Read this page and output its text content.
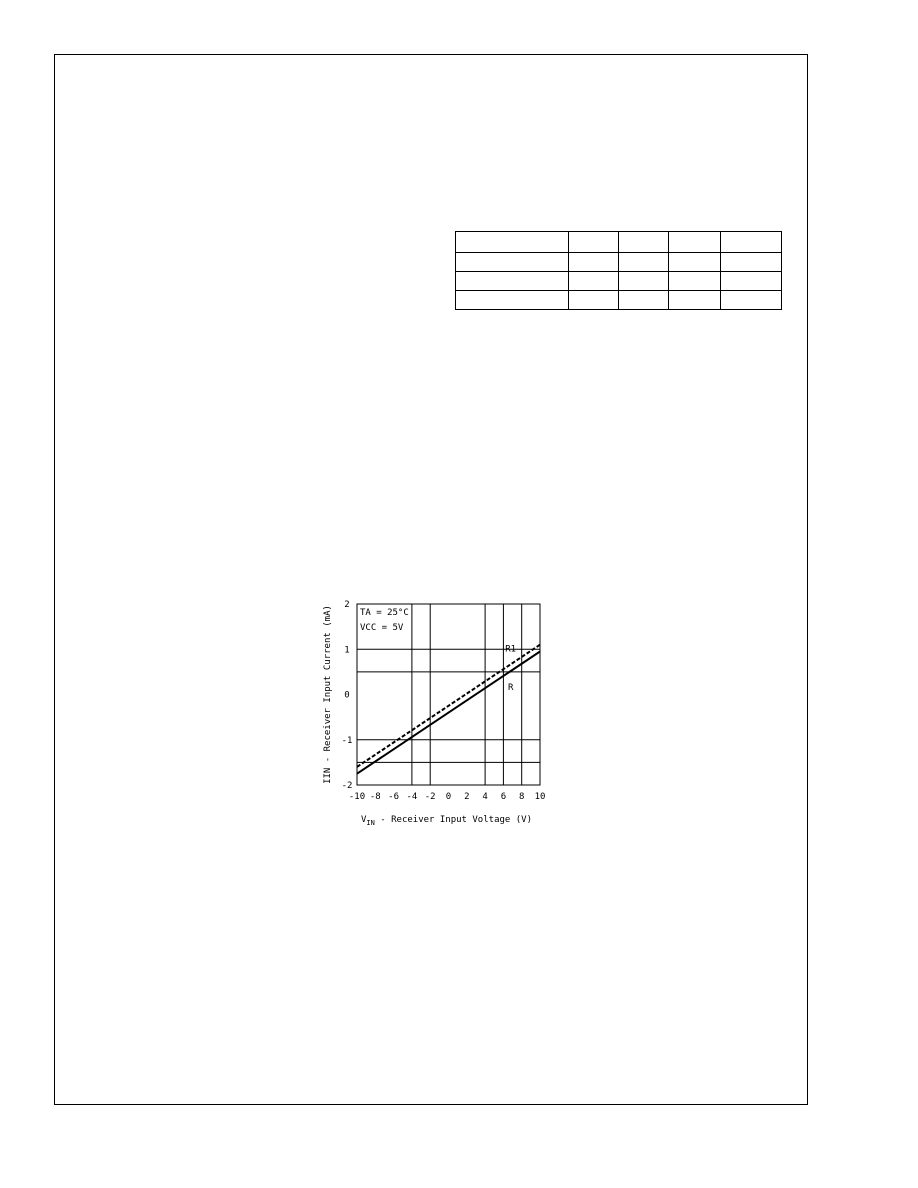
R1
R
-10 -8 -6 -4 -2 0 2 4 6 8 10
-2
-1
0
1
2
TA = 25°C
VCC = 5V
IIN - Receiver Input Current (mA)
$V_{IN}$ - Receiver Input Voltage (V)
